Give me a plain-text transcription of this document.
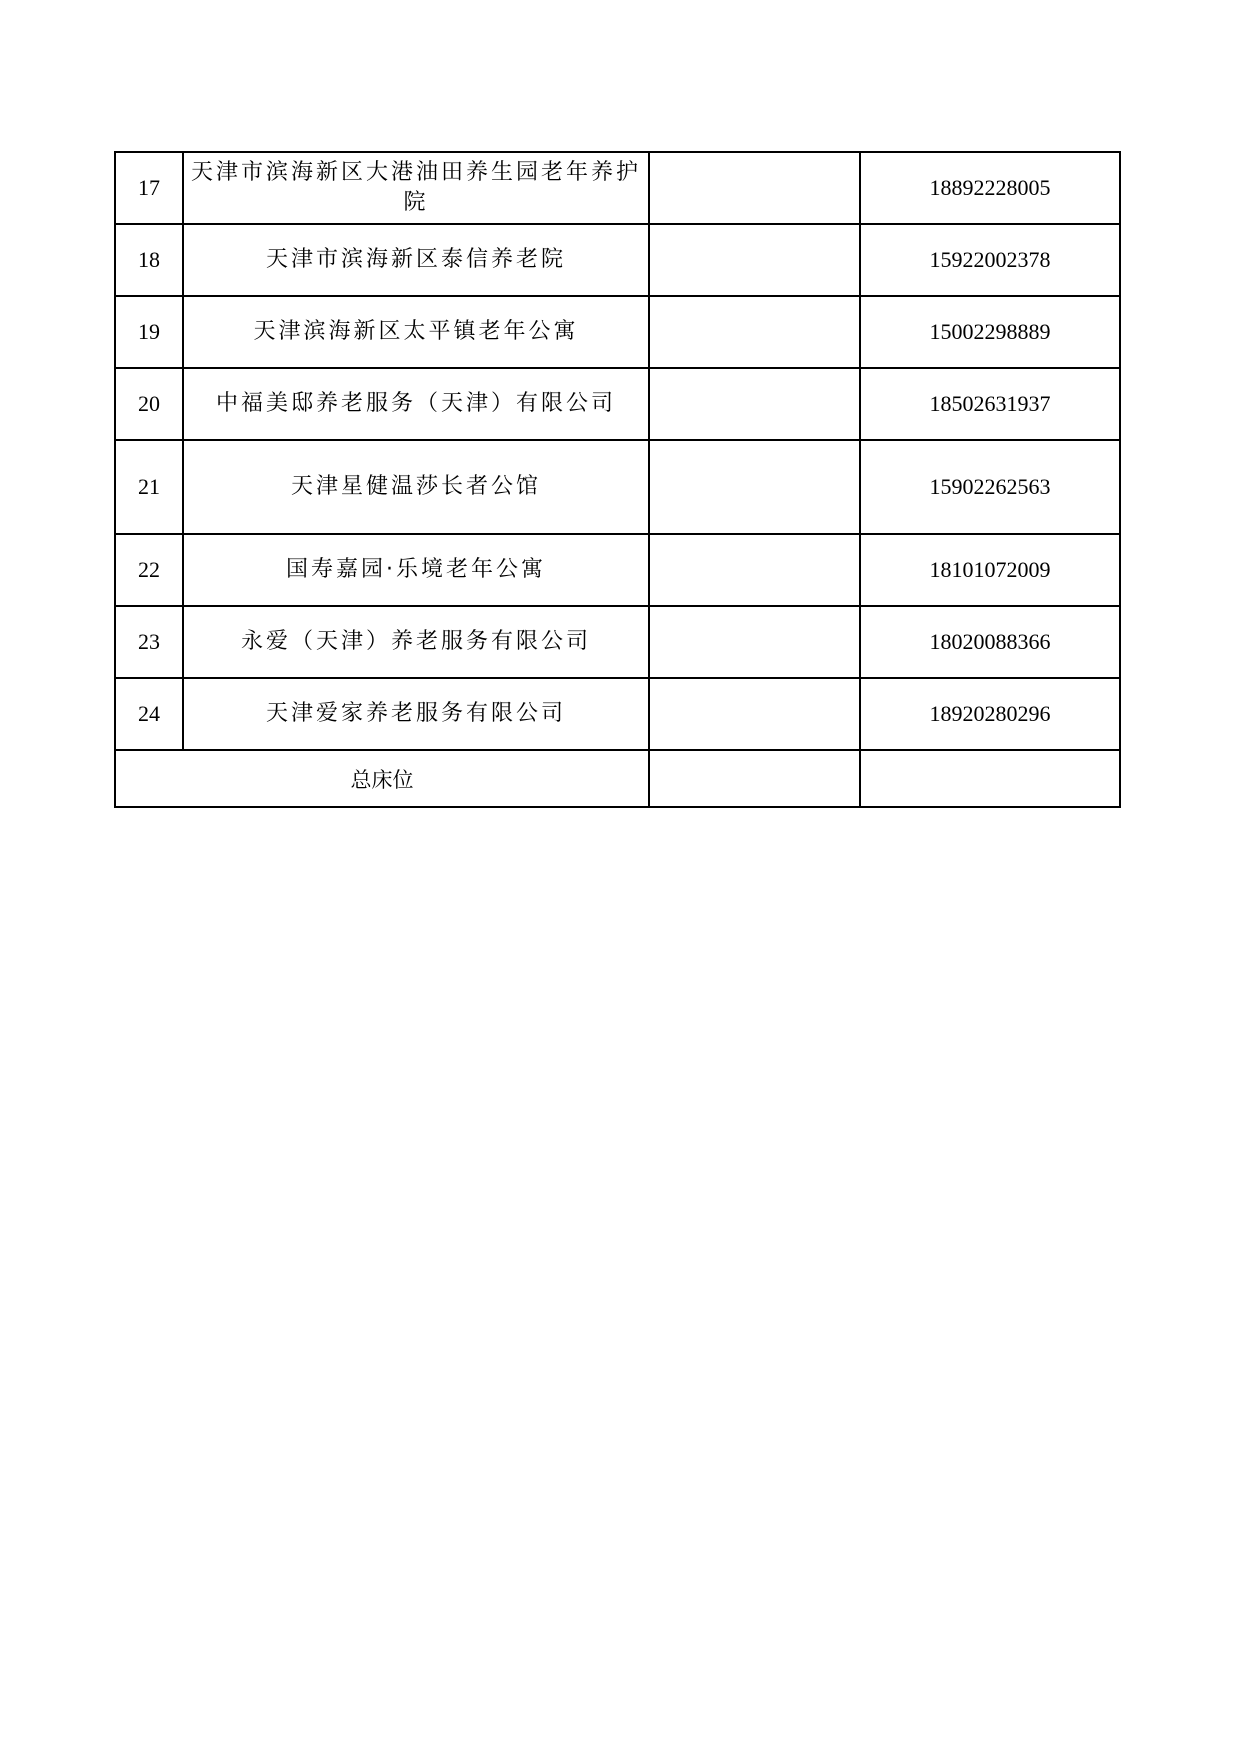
17	天津市滨海新区大港油田养生园老年养护院		18892228005
18	天津市滨海新区泰信养老院		15922002378
19	天津滨海新区太平镇老年公寓		15002298889
20	中福美邸养老服务（天津）有限公司		18502631937
21	天津星健温莎长者公馆		15902262563
22	国寿嘉园·乐境老年公寓		18101072009
23	永爱（天津）养老服务有限公司		18020088366
24	天津爱家养老服务有限公司		18920280296
总床位			
